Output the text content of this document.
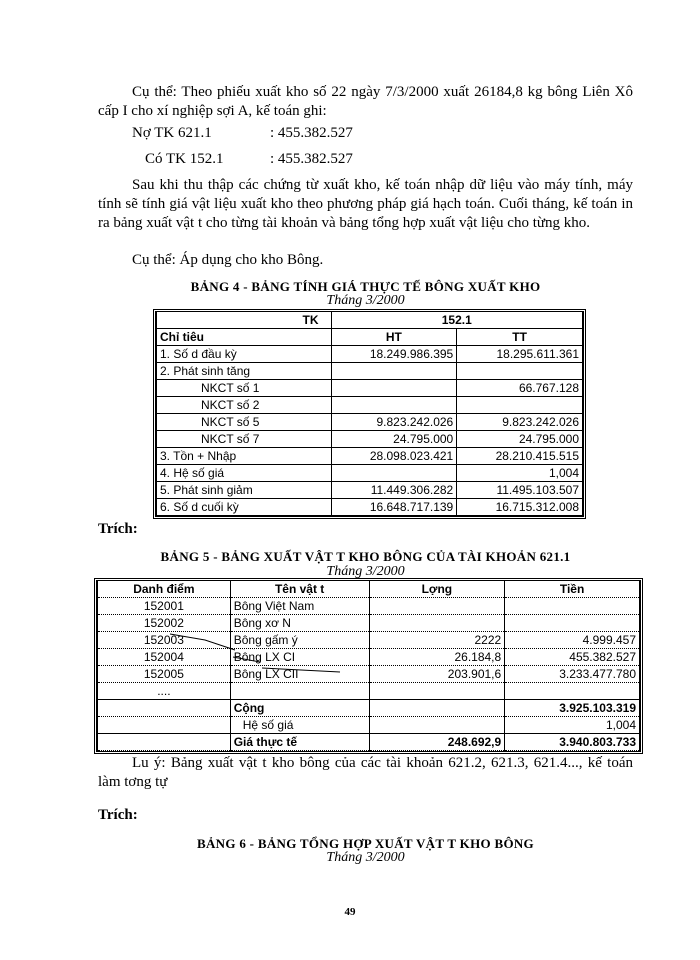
Cụ thể: Theo phiếu xuất kho số 22 ngày 7/3/2000 xuất 26184,8 kg bông Liên Xô cấp I cho xí nghiệp sợi A, kế toán ghi:

Nợ TK 621.1	: 455.382.527
Có TK 152.1	: 455.382.527

Sau khi thu thập các chứng từ xuất kho, kế toán nhập dữ liệu vào máy tính, máy tính sẽ tính giá vật liệu xuất kho theo phương pháp giá hạch toán. Cuối tháng, kế toán in ra bảng xuất vật t cho từng tài khoản và bảng tổng hợp xuất vật liệu cho từng kho.

Cụ thể: Áp dụng cho kho Bông.
BẢNG 4 - BẢNG TÍNH GIÁ THỰC TẾ BÔNG XUẤT KHO
Tháng 3/2000
TK	152.1	
Chỉ tiêu	HT	TT
1. Số d đầu kỳ	18.249.986.395	18.295.611.361
2. Phát sinh tăng		
NKCT số 1		66.767.128
NKCT số 2		
NKCT số 5	9.823.242.026	9.823.242.026
NKCT số 7	24.795.000	24.795.000
3. Tồn + Nhập	28.098.023.421	28.210.415.515
4. Hệ số giá		1,004
5. Phát sinh giảm	11.449.306.282	11.495.103.507
6. Số d cuối kỳ	16.648.717.139	16.715.312.008
Trích:
BẢNG 5 - BẢNG XUẤT VẬT T KHO BÔNG CỦA TÀI KHOẢN 621.1
Tháng 3/2000
Danh điểm	Tên vật t	Lợng	Tiền
152001	Bông Việt Nam		
152002	Bông xơ N		
152003	Bông gấm ý	2222	4.999.457
152004	Bông LX CI	26.184,8	455.382.527
152005	Bông LX CII	203.901,6	3.233.477.780
....			
	Cộng		3.925.103.319
	Hệ số giá		1,004
	Giá thực tế	248.692,9	3.940.803.733

Lu ý: Bảng xuất vật t kho bông của các tài khoản 621.2, 621.3, 621.4..., kế toán làm tơng tự

Trích:
BẢNG 6 - BẢNG TỔNG HỢP XUẤT VẬT T KHO BÔNG
Tháng 3/2000
49
